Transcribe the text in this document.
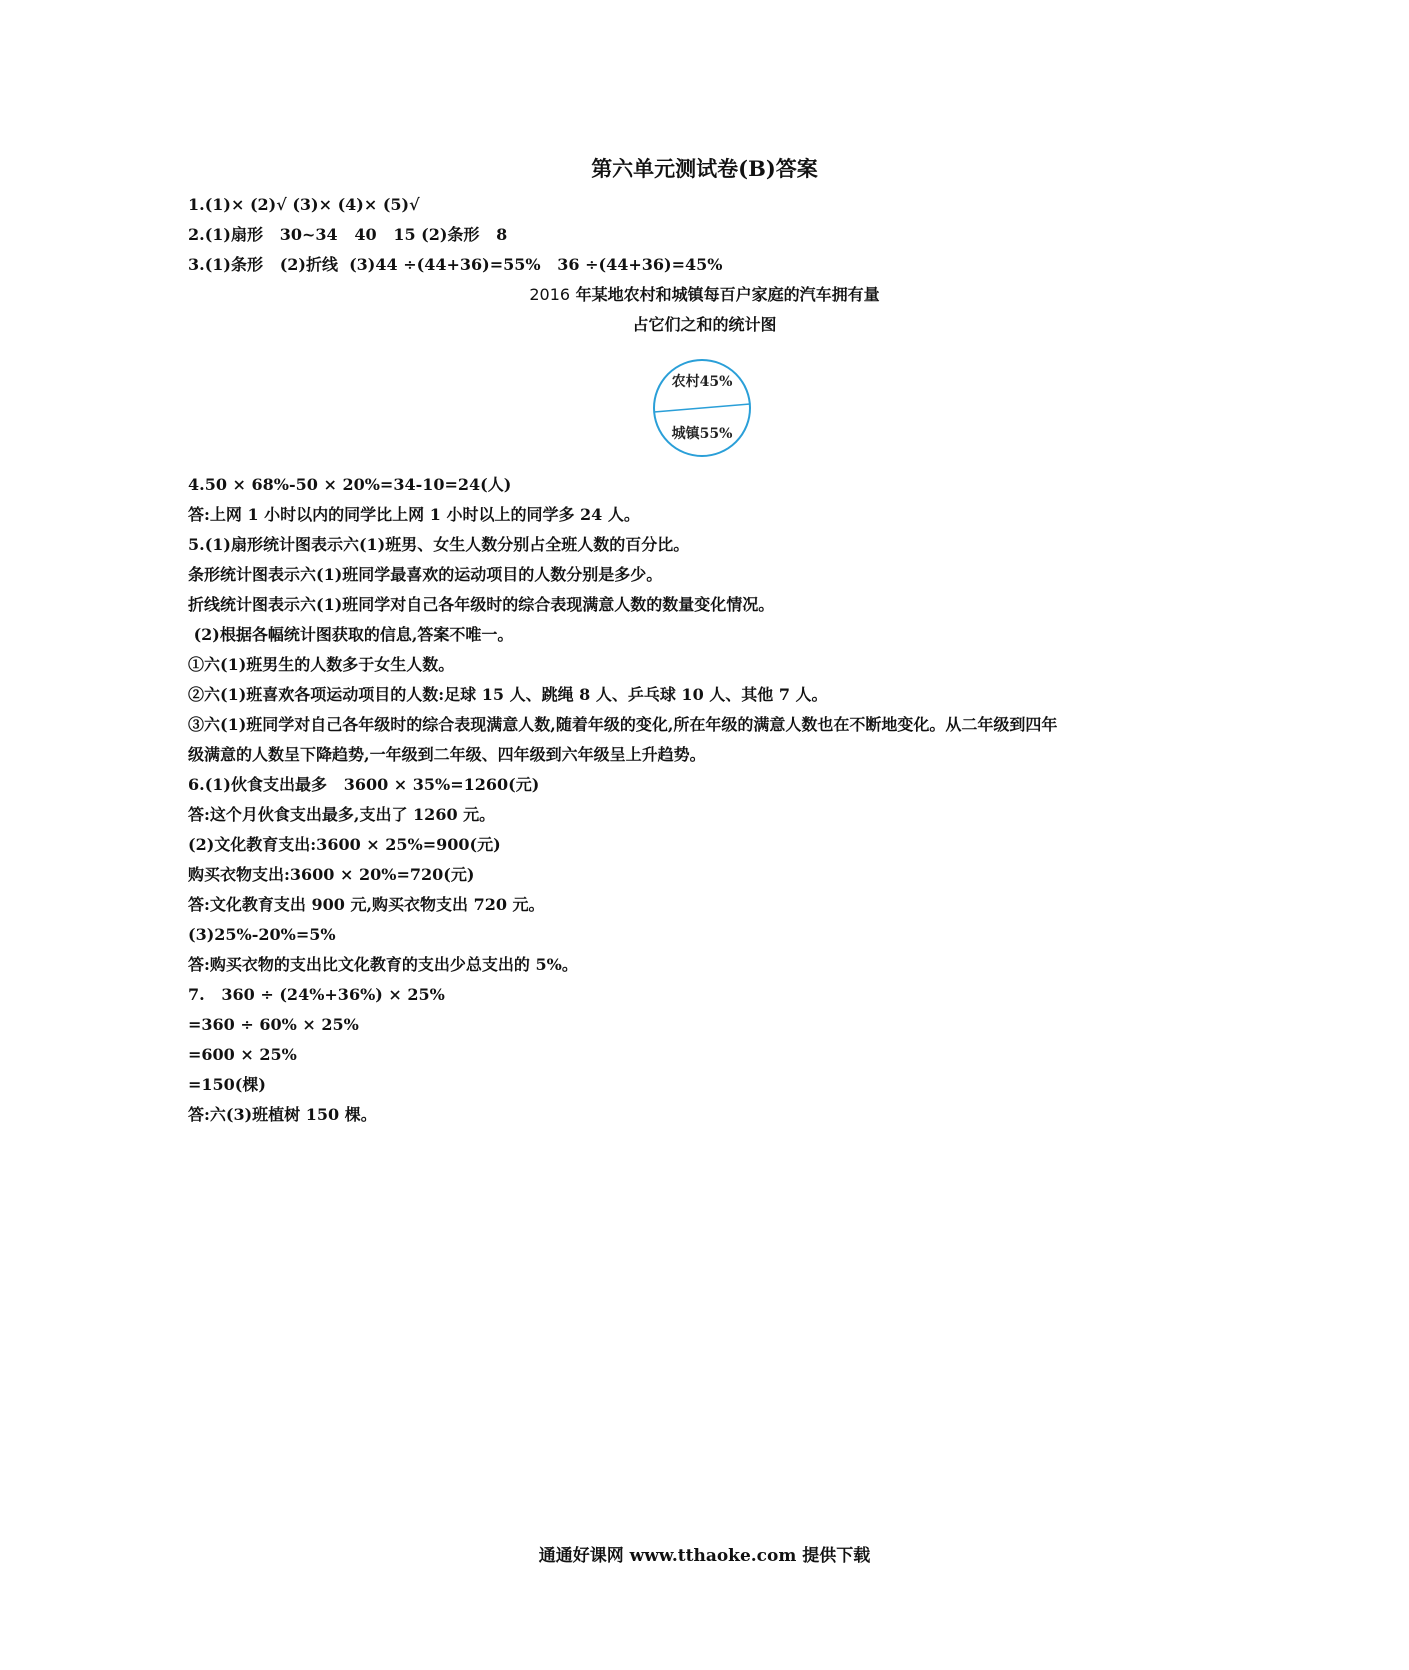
第六单元测试卷(B)答案
1.(1)× (2)√ (3)× (4)× (5)√
2.(1)扇形   30~34   40   15 (2)条形   8
3.(1)条形   (2)折线  (3)44 ÷(44+36)=55%   36 ÷(44+36)=45%
2016 年某地农村和城镇每百户家庭的汽车拥有量
占它们之和的统计图
农村45%
城镇55%
4.50 × 68%-50 × 20%=34-10=24(人)
答:上网 1 小时以内的同学比上网 1 小时以上的同学多 24 人。
5.(1)扇形统计图表示六(1)班男、女生人数分别占全班人数的百分比。
条形统计图表示六(1)班同学最喜欢的运动项目的人数分别是多少。
折线统计图表示六(1)班同学对自己各年级时的综合表现满意人数的数量变化情况。
(2)根据各幅统计图获取的信息,答案不唯一。
①六(1)班男生的人数多于女生人数。
②六(1)班喜欢各项运动项目的人数:足球 15 人、跳绳 8 人、乒乓球 10 人、其他 7 人。
③六(1)班同学对自己各年级时的综合表现满意人数,随着年级的变化,所在年级的满意人数也在不断地变化。从二年级到四年
级满意的人数呈下降趋势,一年级到二年级、四年级到六年级呈上升趋势。
6.(1)伙食支出最多   3600 × 35%=1260(元)
答:这个月伙食支出最多,支出了 1260 元。
(2)文化教育支出:3600 × 25%=900(元)
购买衣物支出:3600 × 20%=720(元)
答:文化教育支出 900 元,购买衣物支出 720 元。
(3)25%-20%=5%
答:购买衣物的支出比文化教育的支出少总支出的 5%。
7.   360 ÷ (24%+36%) × 25%
=360 ÷ 60% × 25%
=600 × 25%
=150(棵)
答:六(3)班植树 150 棵。
通通好课网 www.tthaoke.com 提供下载
